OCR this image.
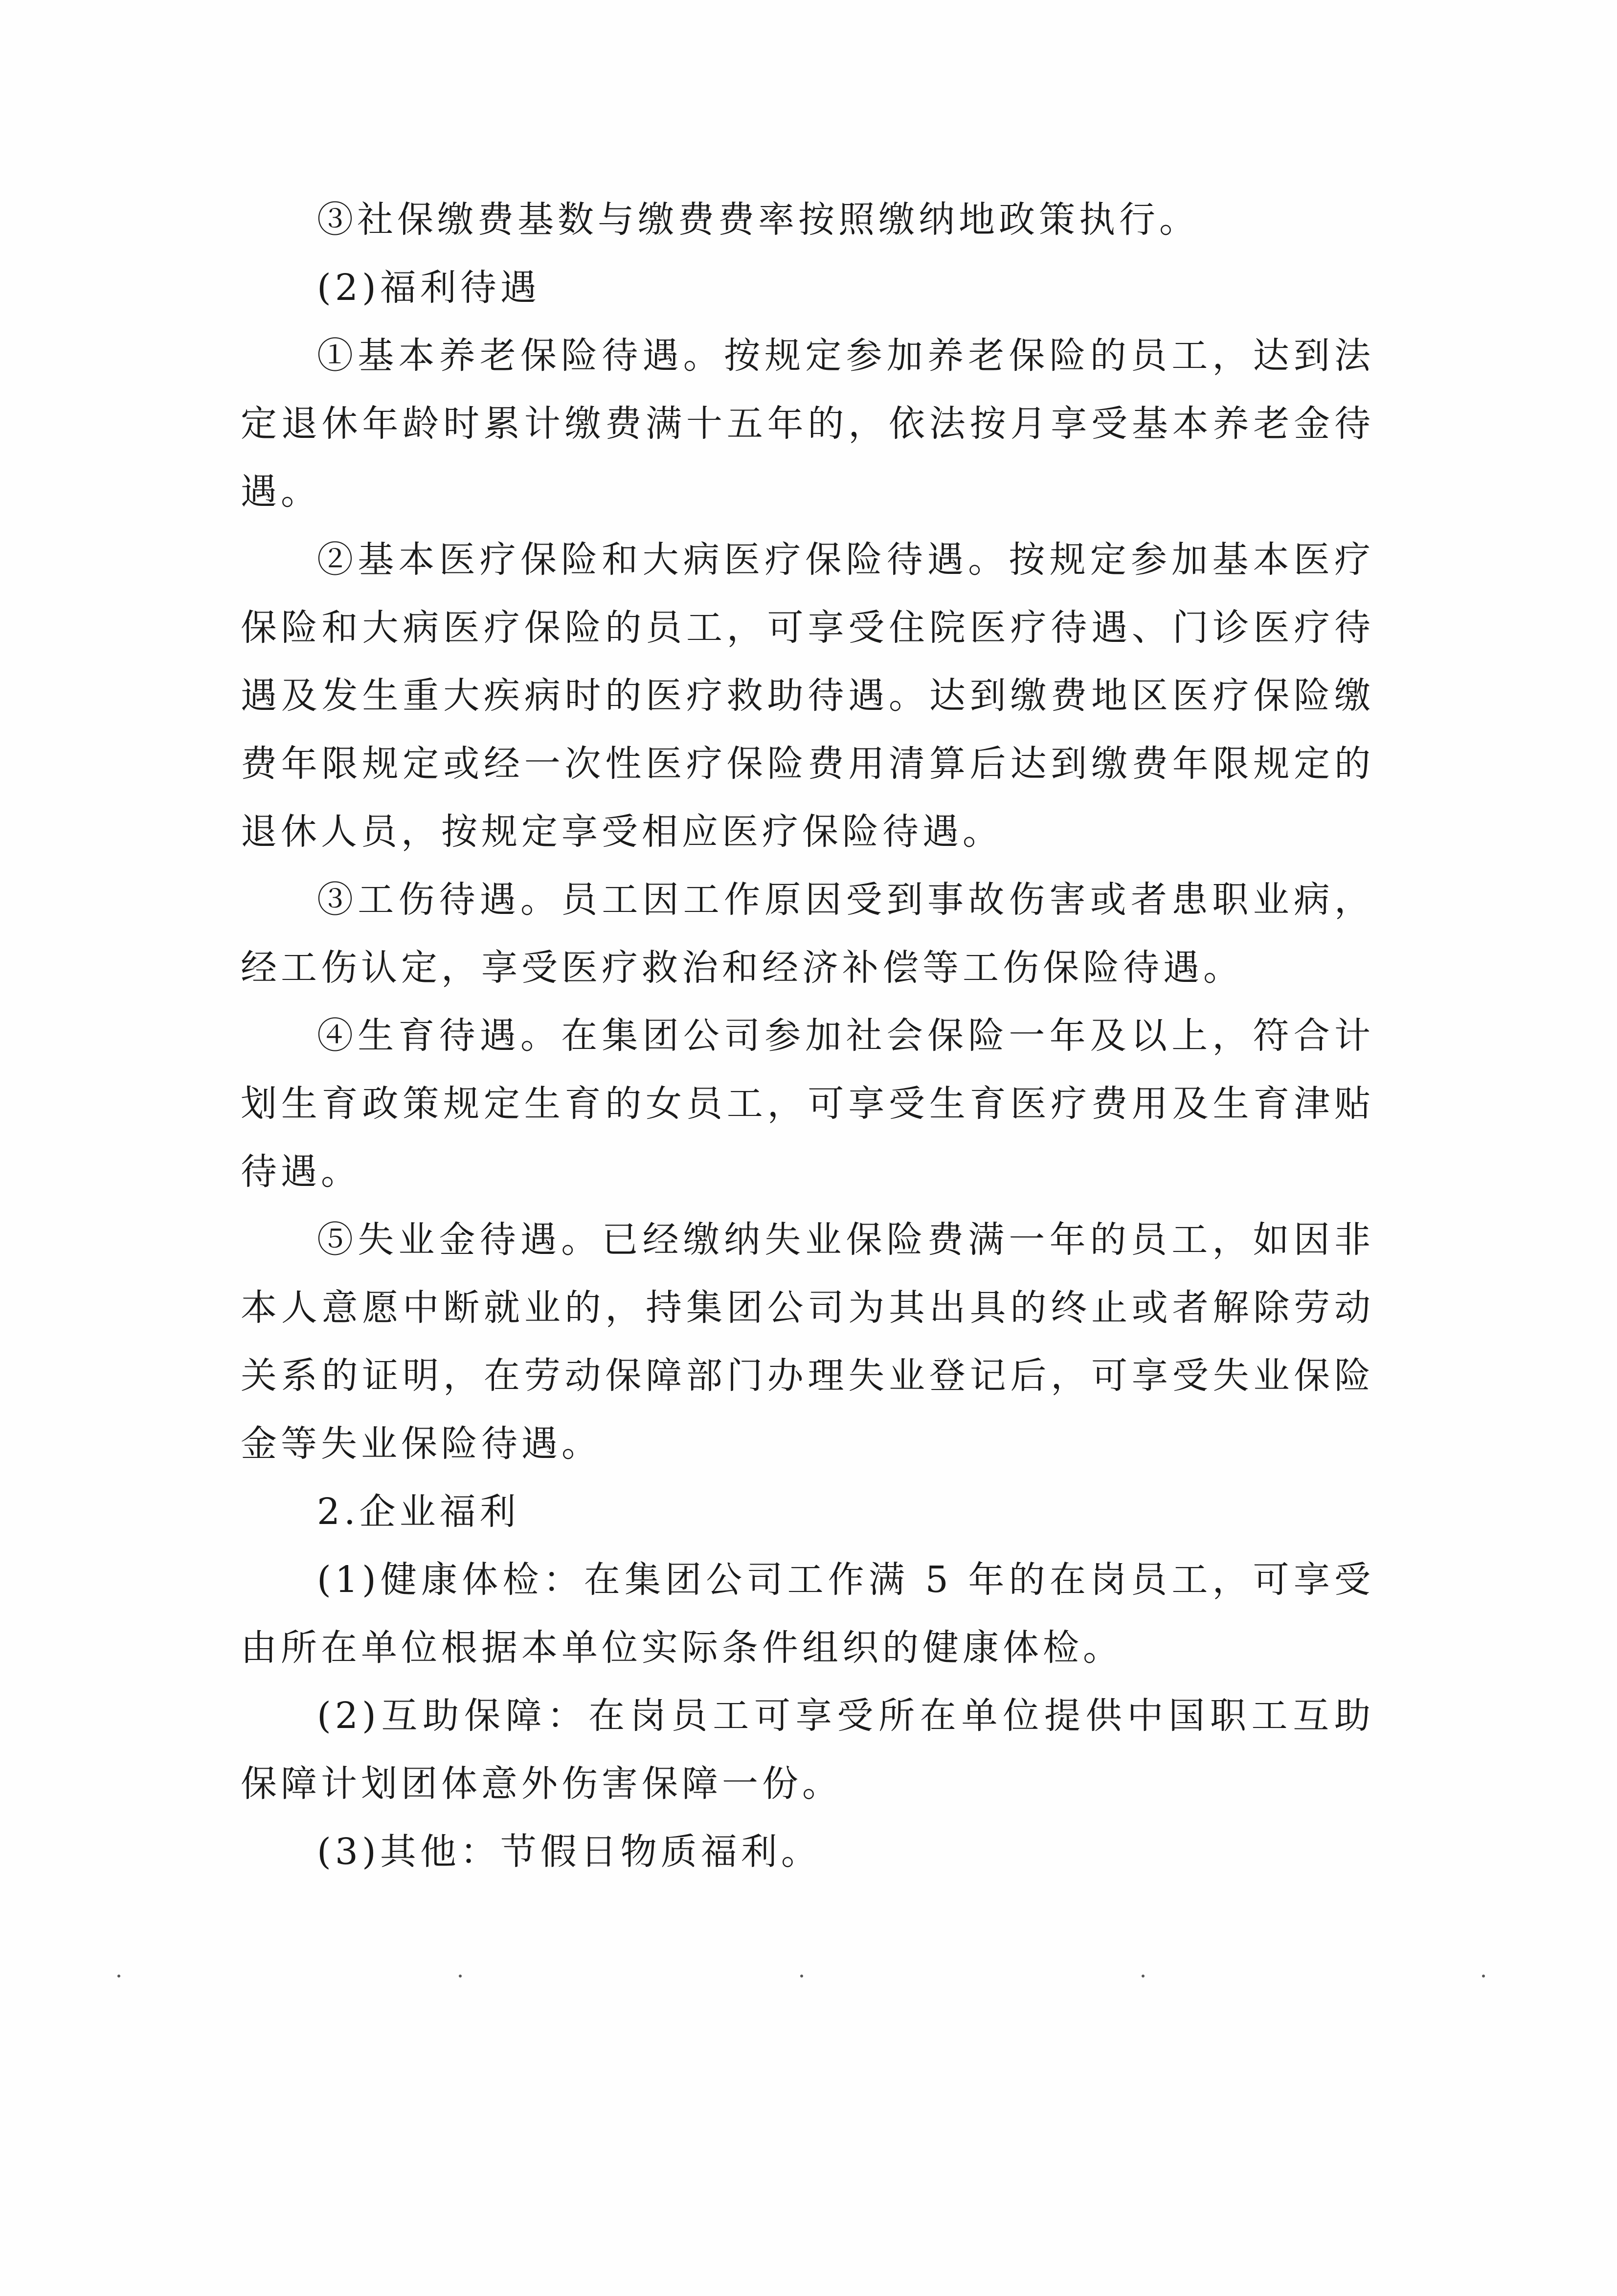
③社保缴费基数与缴费费率按照缴纳地政策执行。

(2)福利待遇

①基本养老保险待遇。按规定参加养老保险的员工，达到法定退休年龄时累计缴费满十五年的，依法按月享受基本养老金待遇。

②基本医疗保险和大病医疗保险待遇。按规定参加基本医疗保险和大病医疗保险的员工，可享受住院医疗待遇、门诊医疗待遇及发生重大疾病时的医疗救助待遇。达到缴费地区医疗保险缴费年限规定或经一次性医疗保险费用清算后达到缴费年限规定的退休人员，按规定享受相应医疗保险待遇。

③工伤待遇。员工因工作原因受到事故伤害或者患职业病，经工伤认定，享受医疗救治和经济补偿等工伤保险待遇。

④生育待遇。在集团公司参加社会保险一年及以上，符合计划生育政策规定生育的女员工，可享受生育医疗费用及生育津贴待遇。

⑤失业金待遇。已经缴纳失业保险费满一年的员工，如因非本人意愿中断就业的，持集团公司为其出具的终止或者解除劳动关系的证明，在劳动保障部门办理失业登记后，可享受失业保险金等失业保险待遇。

2.企业福利

(1)健康体检：在集团公司工作满 5 年的在岗员工，可享受由所在单位根据本单位实际条件组织的健康体检。

(2)互助保障：在岗员工可享受所在单位提供中国职工互助保障计划团体意外伤害保障一份。

(3)其他：节假日物质福利。
